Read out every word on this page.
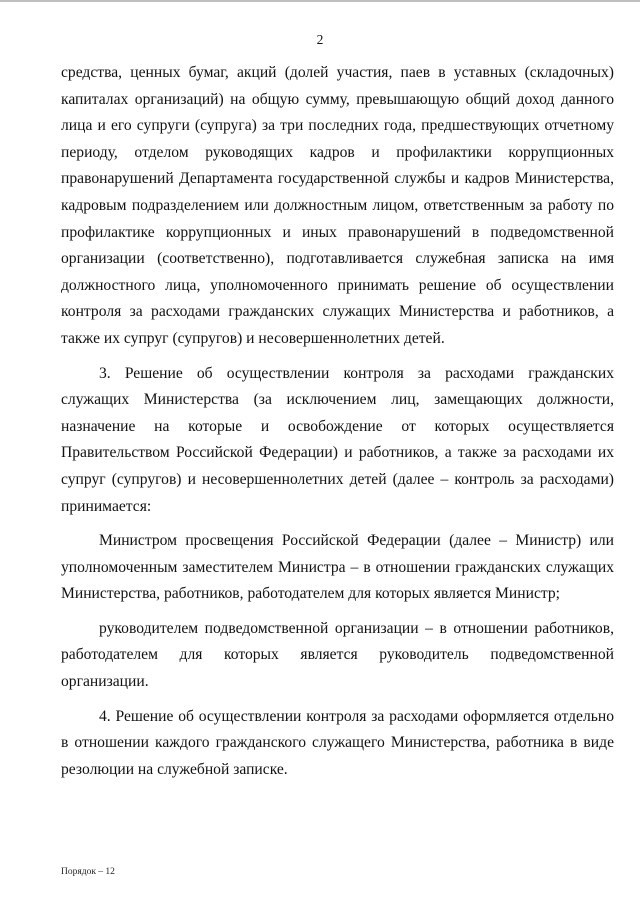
2

средства, ценных бумаг, акций (долей участия, паев в уставных (складочных) капиталах организаций) на общую сумму, превышающую общий доход данного лица и его супруги (супруга) за три последних года, предшествующих отчетному периоду, отделом руководящих кадров и профилактики коррупционных правонарушений Департамента государственной службы и кадров Министерства, кадровым подразделением или должностным лицом, ответственным за работу по профилактике коррупционных и иных правонарушений в подведомственной организации (соответственно), подготавливается служебная записка на имя должностного лица, уполномоченного принимать решение об осуществлении контроля за расходами гражданских служащих Министерства и работников, а также их супруг (супругов) и несовершеннолетних детей.

3. Решение об осуществлении контроля за расходами гражданских служащих Министерства (за исключением лиц, замещающих должности, назначение на которые и освобождение от которых осуществляется Правительством Российской Федерации) и работников, а также за расходами их супруг (супругов) и несовершеннолетних детей (далее – контроль за расходами) принимается:

Министром просвещения Российской Федерации (далее – Министр) или уполномоченным заместителем Министра – в отношении гражданских служащих Министерства, работников, работодателем для которых является Министр;

руководителем подведомственной организации – в отношении работников, работодателем для которых является руководитель подведомственной организации.

4. Решение об осуществлении контроля за расходами оформляется отдельно в отношении каждого гражданского служащего Министерства, работника в виде резолюции на служебной записке.

Порядок – 12
